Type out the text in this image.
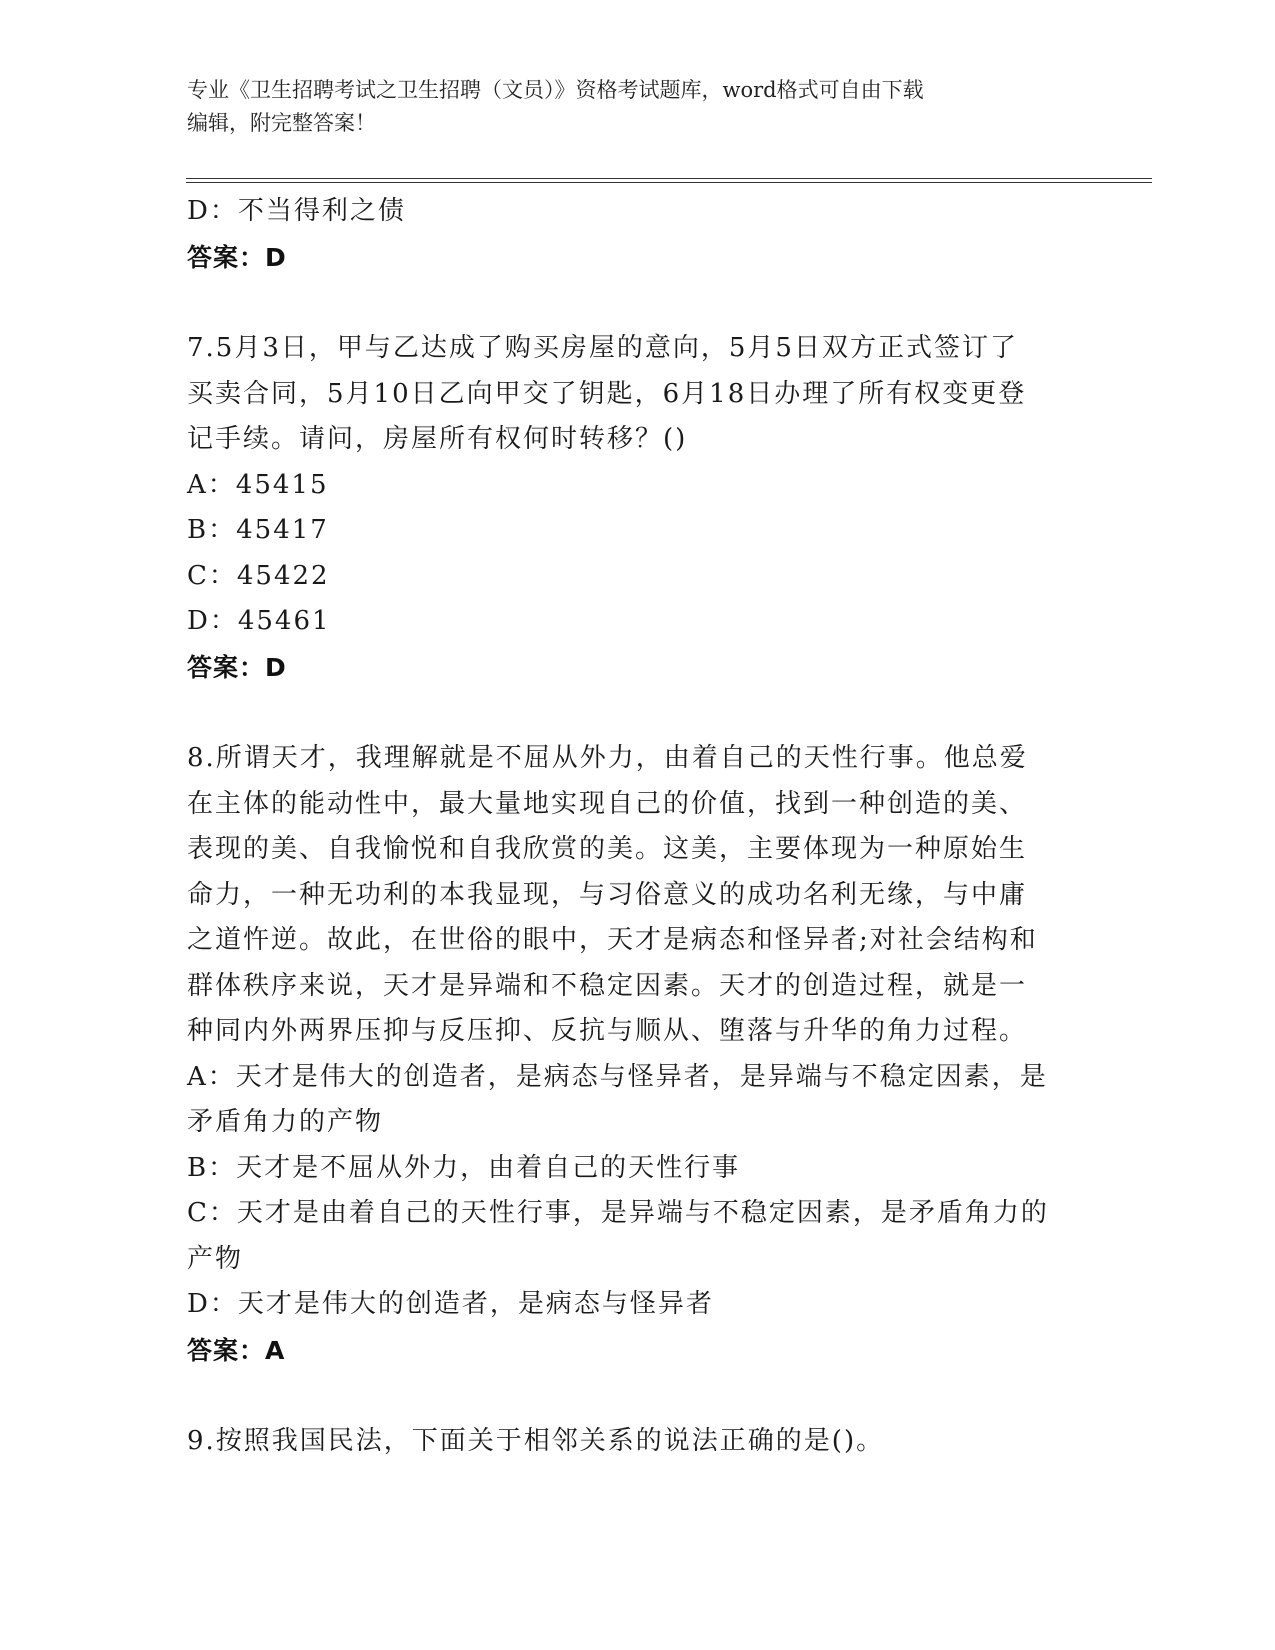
专业《卫生招聘考试之卫生招聘（文员）》资格考试题库，word格式可自由下载
编辑，附完整答案！

D：不当得利之债

答案：D

7.5月3日，甲与乙达成了购买房屋的意向，5月5日双方正式签订了

买卖合同，5月10日乙向甲交了钥匙，6月18日办理了所有权变更登

记手续。请问，房屋所有权何时转移？()

A：45415

B：45417

C：45422

D：45461

答案：D

8.所谓天才，我理解就是不屈从外力，由着自己的天性行事。他总爱

在主体的能动性中，最大量地实现自己的价值，找到一种创造的美、

表现的美、自我愉悦和自我欣赏的美。这美，主要体现为一种原始生

命力，一种无功利的本我显现，与习俗意义的成功名利无缘，与中庸

之道忤逆。故此，在世俗的眼中，天才是病态和怪异者;对社会结构和

群体秩序来说，天才是异端和不稳定因素。天才的创造过程，就是一

种同内外两界压抑与反压抑、反抗与顺从、堕落与升华的角力过程。

A：天才是伟大的创造者，是病态与怪异者，是异端与不稳定因素，是

矛盾角力的产物

B：天才是不屈从外力，由着自己的天性行事

C：天才是由着自己的天性行事，是异端与不稳定因素，是矛盾角力的

产物

D：天才是伟大的创造者，是病态与怪异者

答案：A

9.按照我国民法，下面关于相邻关系的说法正确的是()。
